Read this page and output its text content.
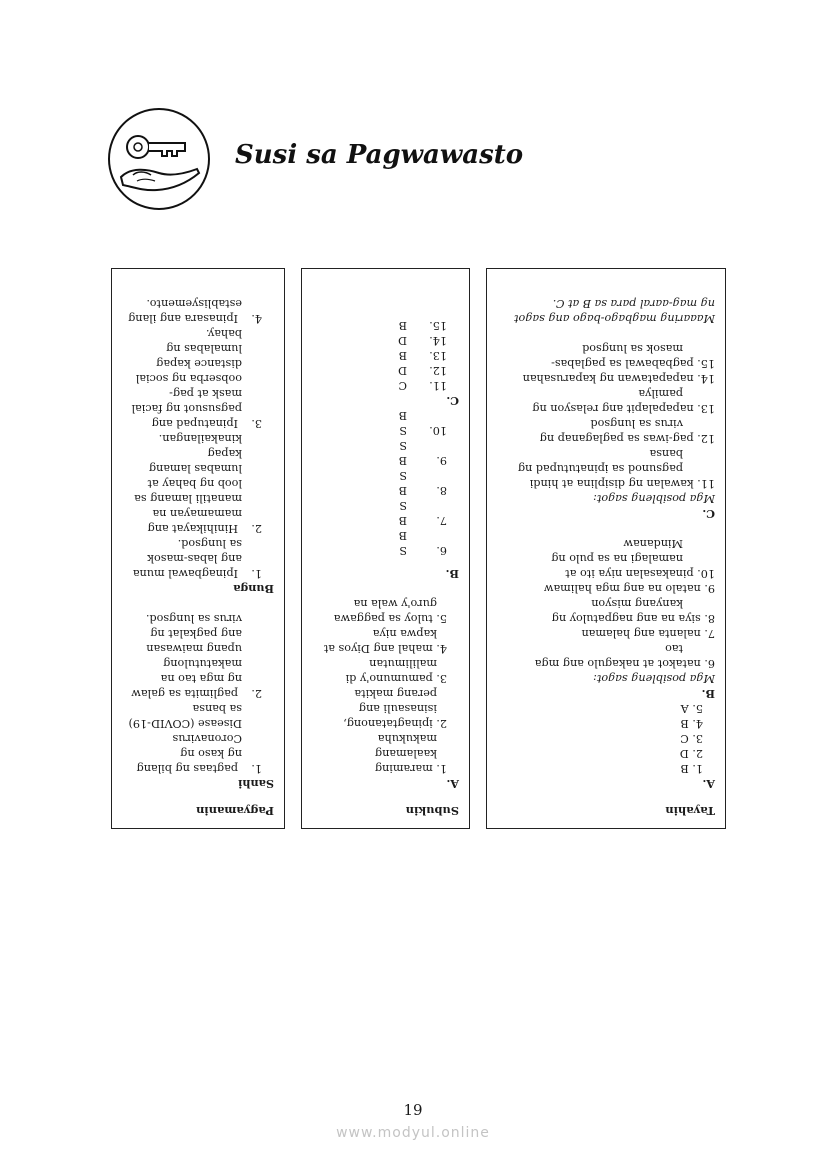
Susi sa Pagwawasto

Pagyamanin

Sanhi

1.pagtaas ng bilang

ng kaso ng

Coronavirus

Disease (COVID-19)

sa bansa

2.paglimita sa galaw

ng mga tao na

makatutulong

upang maiwasan

ang pagkalat ng

virus sa lungsod.

Bunga

1.Ipinagbawal muna

ang labas-masok

sa lungsod.

2.Hinihikayat ang

mamamayan na

manatili lamang sa

loob ng bahay at

lumabas lamang

kapag

kinakailangan.

3.Ipinatupad ang

pagsusuot ng facial

mask at pag-

oobserba ng social

distance kapag

lumalabas ng

bahay.

4.Ipinasara ang ilang

establisyemento.

Subukin

A.

1. maraming

kaalamang

makukuha

2. ipinagtatanong,

isinasauli ang

perang makita

3. pamumuno'y di

malilimutan

4. mahal ang Diyos at

kapwa niya

5. tuloy sa paggawa

guro'y wala na

B.

6.S

B

7.B

S

8.B

S

9.B

S

10.S

B

C.

11.C

12.D

13.B

14.D

15.B

Tayahin

A.

1. B

2. D

3. C

4. B

5. A

B.

Mga posibleng sagot:

6. natakot at nakagulo ang mga

tao

7. nalanta ang halaman

8. siya na ang nagpatuloy ng

kanyang misyon

9. natalo na ang mga halimaw

10. pinakasalan niya ito at

namalagi na sa pulo ng

Mindanaw

C.

Mga posibleng sagot:

11. kawalan ng disiplina at hindi

pagsunod sa ipinatutupad ng

bansa

12. pag-iwas sa paglaganap ng

virus sa lungsod

13. napapalapit ang relasyon ng

pamilya

14. napapatawan ng kaparusahan

15. pagbabawal sa paglabas-

masok sa lungsod

Maaaring magbago-bago ang sagot

ng mag-aaral para sa B at C.

19
www.modyul.online
